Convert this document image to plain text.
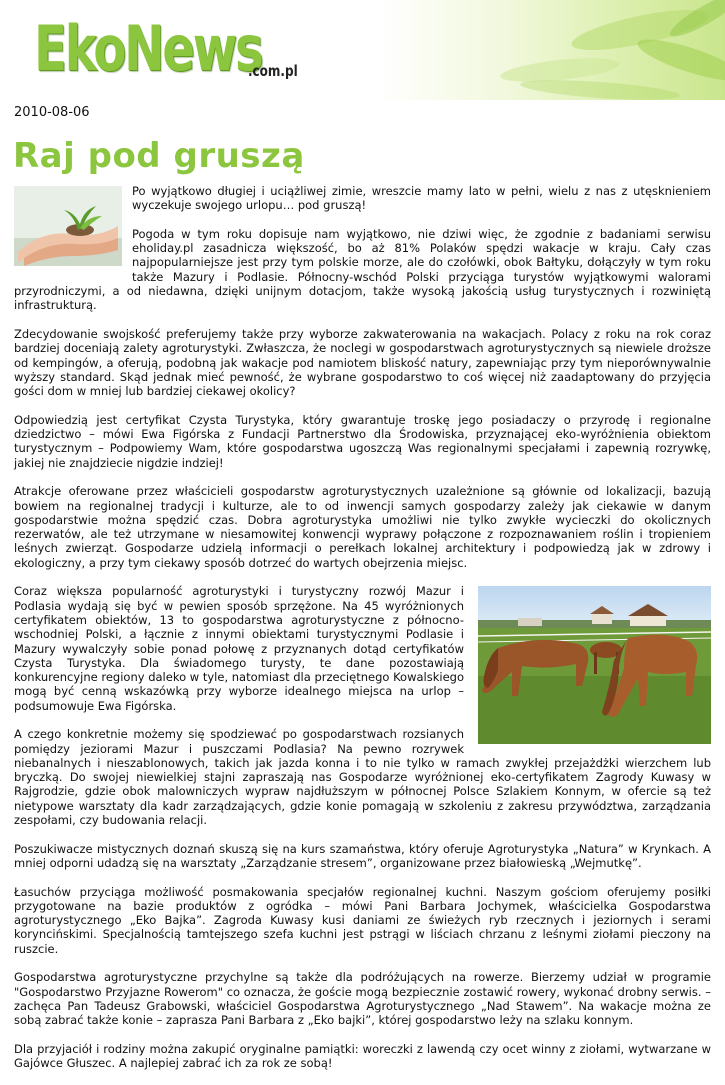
EkoNews
.com.pl
2010-08-06
Raj pod gruszą

Po wyjątkowo długiej i uciążliwej zimie, wreszcie mamy lato w pełni, wielu z nas z utęsknieniem wyczekuje swojego urlopu… pod gruszą!

Pogoda w tym roku dopisuje nam wyjątkowo, nie dziwi więc, że zgodnie z badaniami serwisu eholiday.pl zasadnicza większość, bo aż 81% Polaków spędzi wakacje w kraju. Cały czas najpopularniejsze jest przy tym polskie morze, ale do czołówki, obok Bałtyku, dołączyły w tym roku także Mazury i Podlasie. Północny-wschód Polski przyciąga turystów wyjątkowymi walorami przyrodniczymi, a od niedawna, dzięki unijnym dotacjom, także wysoką jakością usług turystycznych i rozwiniętą infrastrukturą.

Zdecydowanie swojskość preferujemy także przy wyborze zakwaterowania na wakacjach. Polacy z roku na rok coraz bardziej doceniają zalety agroturystyki. Zwłaszcza, że noclegi w gospodarstwach agroturystycznych są niewiele droższe od kempingów, a oferują, podobną jak wakacje pod namiotem bliskość natury, zapewniając przy tym nieporównywalnie wyższy standard. Skąd jednak mieć pewność, że wybrane gospodarstwo to coś więcej niż zaadaptowany do przyjęcia gości dom w mniej lub bardziej ciekawej okolicy?

Odpowiedzią jest certyfikat Czysta Turystyka, który gwarantuje troskę jego posiadaczy o przyrodę i regionalne dziedzictwo – mówi Ewa Figórska z Fundacji Partnerstwo dla Środowiska, przyznającej eko-wyróżnienia obiektom turystycznym – Podpowiemy Wam, które gospodarstwa ugoszczą Was regionalnymi specjałami i zapewnią rozrywkę, jakiej nie znajdziecie nigdzie indziej!

Atrakcje oferowane przez właścicieli gospodarstw agroturystycznych uzależnione są głównie od lokalizacji, bazują bowiem na regionalnej tradycji i kulturze, ale to od inwencji samych gospodarzy zależy jak ciekawie w danym gospodarstwie można spędzić czas. Dobra agroturystyka umożliwi nie tylko zwykłe wycieczki do okolicznych rezerwatów, ale też utrzymane w niesamowitej konwencji wyprawy połączone z rozpoznawaniem roślin i tropieniem leśnych zwierząt. Gospodarze udzielą informacji o perełkach lokalnej architektury i podpowiedzą jak w zdrowy i ekologiczny, a przy tym ciekawy sposób dotrzeć do wartych obejrzenia miejsc.

Coraz większa popularność agroturystyki i turystyczny rozwój Mazur i Podlasia wydają się być w pewien sposób sprzężone. Na 45 wyróżnionych certyfikatem obiektów, 13 to gospodarstwa agroturystyczne z północno-wschodniej Polski, a łącznie z innymi obiektami turystycznymi Podlasie i Mazury wywalczyły sobie ponad połowę z przyznanych dotąd certyfikatów Czysta Turystyka. Dla świadomego turysty, te dane pozostawiają konkurencyjne regiony daleko w tyle, natomiast dla przeciętnego Kowalskiego mogą być cenną wskazówką przy wyborze idealnego miejsca na urlop – podsumowuje Ewa Figórska.

A czego konkretnie możemy się spodziewać po gospodarstwach rozsianych pomiędzy jeziorami Mazur i puszczami Podlasia? Na pewno rozrywek niebanalnych i nieszablonowych, takich jak jazda konna i to nie tylko w ramach zwykłej przejażdżki wierzchem lub bryczką. Do swojej niewielkiej stajni zapraszają nas Gospodarze wyróżnionej eko-certyfikatem Zagrody Kuwasy w Rajgrodzie, gdzie obok malowniczych wypraw najdłuższym w północnej Polsce Szlakiem Konnym, w ofercie są też nietypowe warsztaty dla kadr zarządzających, gdzie konie pomagają w szkoleniu z zakresu przywództwa, zarządzania zespołami, czy budowania relacji.

Poszukiwacze mistycznych doznań skuszą się na kurs szamaństwa, który oferuje Agroturystyka „Natura” w Krynkach. A mniej odporni udadzą się na warsztaty „Zarządzanie stresem”, organizowane przez białowieską „Wejmutkę”.

Łasuchów przyciąga możliwość posmakowania specjałów regionalnej kuchni. Naszym gościom oferujemy posiłki przygotowane na bazie produktów z ogródka – mówi Pani Barbara Jochymek, właścicielka Gospodarstwa agroturystycznego „Eko Bajka”. Zagroda Kuwasy kusi daniami ze świeżych ryb rzecznych i jeziornych i serami koryncińskimi. Specjalnością tamtejszego szefa kuchni jest pstrągi w liściach chrzanu z leśnymi ziołami pieczony na ruszcie.

Gospodarstwa agroturystyczne przychylne są także dla podróżujących na rowerze. Bierzemy udział w programie "Gospodarstwo Przyjazne Rowerom" co oznacza, że goście mogą bezpiecznie zostawić rowery, wykonać drobny serwis. – zachęca Pan Tadeusz Grabowski, właściciel Gospodarstwa Agroturystycznego „Nad Stawem”. Na wakacje można ze sobą zabrać także konie – zaprasza Pani Barbara z „Eko bajki”, której gospodarstwo leży na szlaku konnym.

Dla przyjaciół i rodziny można zakupić oryginalne pamiątki: woreczki z lawendą czy ocet winny z ziołami, wytwarzane w Gajówce Głuszec. A najlepiej zabrać ich za rok ze sobą!
